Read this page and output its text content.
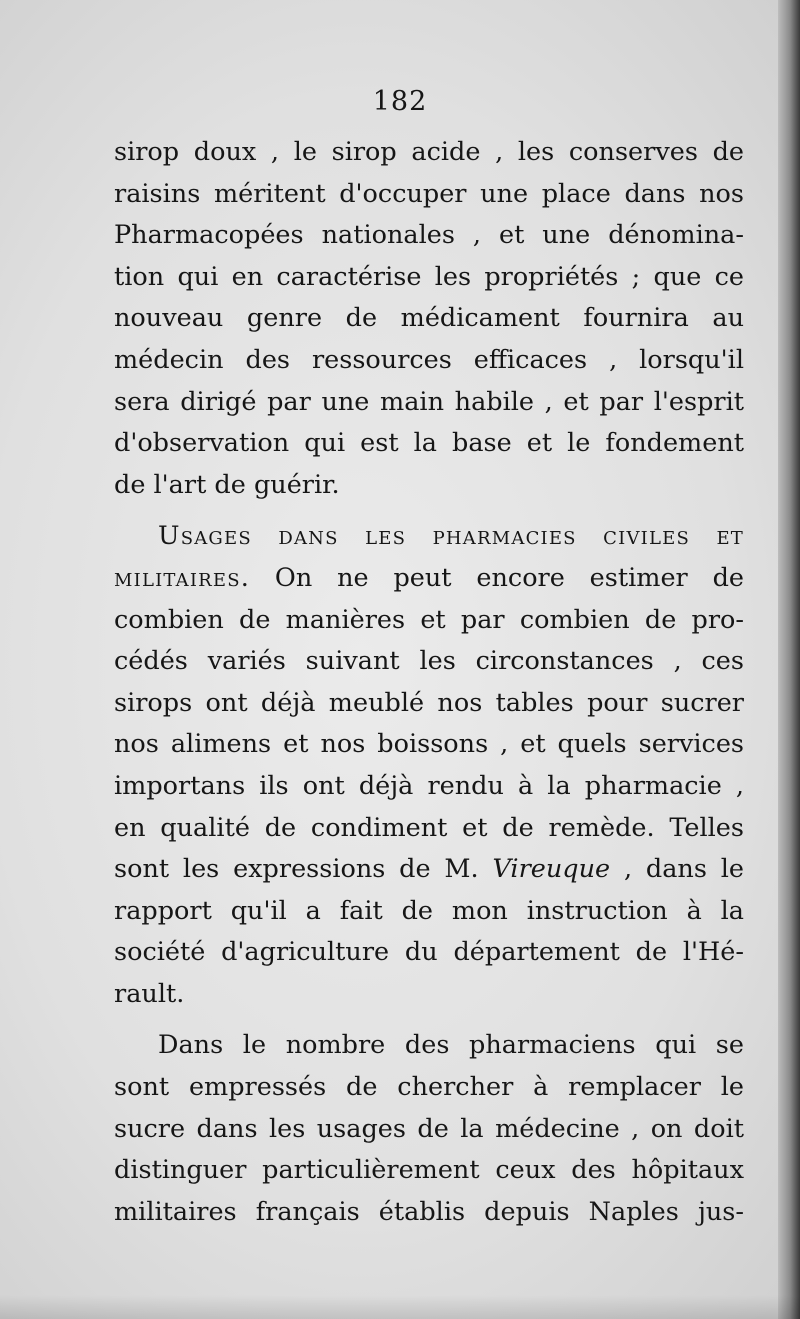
182
sirop doux , le sirop acide , les conserves de
raisins méritent d'occuper une place dans nos
Pharmacopées nationales , et une dénomina-
tion qui en caractérise les propriétés ; que ce
nouveau genre de médicament fournira au
médecin des ressources efficaces , lorsqu'il
sera dirigé par une main habile , et par l'esprit
d'observation qui est la base et le fondement
de l'art de guérir.
Usages dans les pharmacies civiles et
militaires. On ne peut encore estimer de
combien de manières et par combien de pro-
cédés variés suivant les circonstances , ces
sirops ont déjà meublé nos tables pour sucrer
nos alimens et nos boissons , et quels services
importans ils ont déjà rendu à la pharmacie ,
en qualité de condiment et de remède. Telles
sont les expressions de M. Vireuque , dans le
rapport qu'il a fait de mon instruction à la
société d'agriculture du département de l'Hé-
rault.
Dans le nombre des pharmaciens qui se
sont empressés de chercher à remplacer le
sucre dans les usages de la médecine , on doit
distinguer particulièrement ceux des hôpitaux
militaires français établis depuis Naples jus-
